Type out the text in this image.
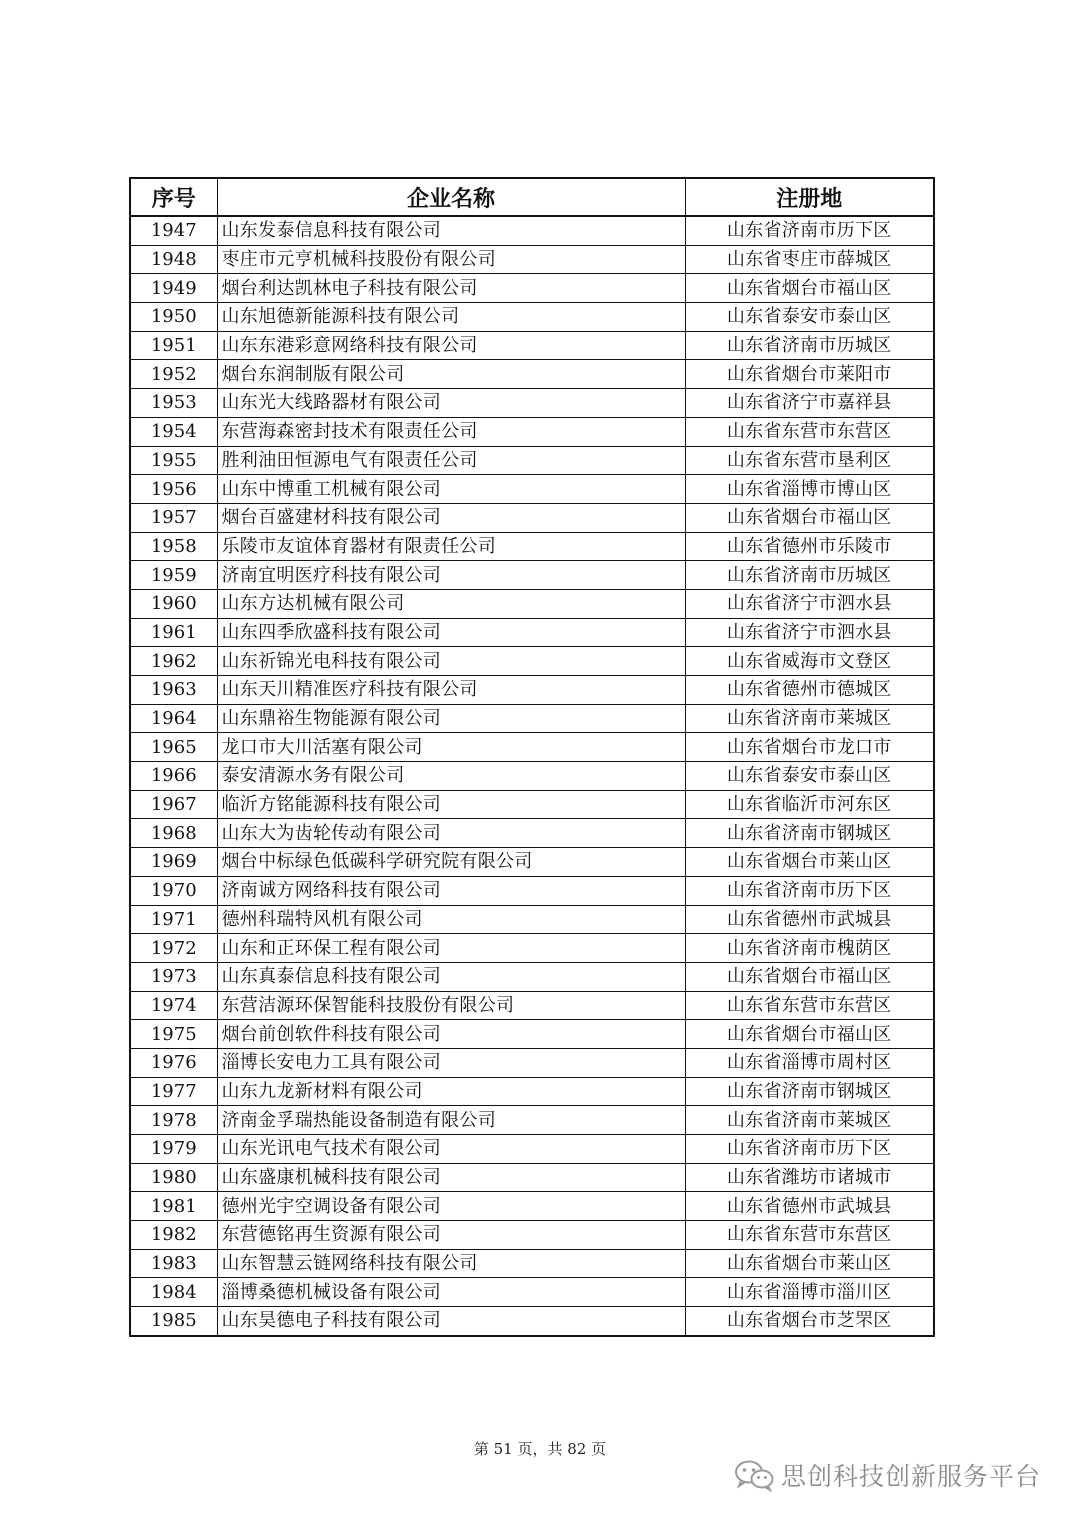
序号	企业名称	注册地
1947	山东发泰信息科技有限公司	山东省济南市历下区
1948	枣庄市元亨机械科技股份有限公司	山东省枣庄市薛城区
1949	烟台利达凯林电子科技有限公司	山东省烟台市福山区
1950	山东旭德新能源科技有限公司	山东省泰安市泰山区
1951	山东东港彩意网络科技有限公司	山东省济南市历城区
1952	烟台东润制版有限公司	山东省烟台市莱阳市
1953	山东光大线路器材有限公司	山东省济宁市嘉祥县
1954	东营海森密封技术有限责任公司	山东省东营市东营区
1955	胜利油田恒源电气有限责任公司	山东省东营市垦利区
1956	山东中博重工机械有限公司	山东省淄博市博山区
1957	烟台百盛建材科技有限公司	山东省烟台市福山区
1958	乐陵市友谊体育器材有限责任公司	山东省德州市乐陵市
1959	济南宜明医疗科技有限公司	山东省济南市历城区
1960	山东方达机械有限公司	山东省济宁市泗水县
1961	山东四季欣盛科技有限公司	山东省济宁市泗水县
1962	山东祈锦光电科技有限公司	山东省威海市文登区
1963	山东天川精准医疗科技有限公司	山东省德州市德城区
1964	山东鼎裕生物能源有限公司	山东省济南市莱城区
1965	龙口市大川活塞有限公司	山东省烟台市龙口市
1966	泰安清源水务有限公司	山东省泰安市泰山区
1967	临沂方铭能源科技有限公司	山东省临沂市河东区
1968	山东大为齿轮传动有限公司	山东省济南市钢城区
1969	烟台中标绿色低碳科学研究院有限公司	山东省烟台市莱山区
1970	济南诚方网络科技有限公司	山东省济南市历下区
1971	德州科瑞特风机有限公司	山东省德州市武城县
1972	山东和正环保工程有限公司	山东省济南市槐荫区
1973	山东真泰信息科技有限公司	山东省烟台市福山区
1974	东营洁源环保智能科技股份有限公司	山东省东营市东营区
1975	烟台前创软件科技有限公司	山东省烟台市福山区
1976	淄博长安电力工具有限公司	山东省淄博市周村区
1977	山东九龙新材料有限公司	山东省济南市钢城区
1978	济南金孚瑞热能设备制造有限公司	山东省济南市莱城区
1979	山东光讯电气技术有限公司	山东省济南市历下区
1980	山东盛康机械科技有限公司	山东省潍坊市诸城市
1981	德州光宇空调设备有限公司	山东省德州市武城县
1982	东营德铭再生资源有限公司	山东省东营市东营区
1983	山东智慧云链网络科技有限公司	山东省烟台市莱山区
1984	淄博桑德机械设备有限公司	山东省淄博市淄川区
1985	山东昊德电子科技有限公司	山东省烟台市芝罘区
第 51 页，共 82 页
思创科技创新服务平台
